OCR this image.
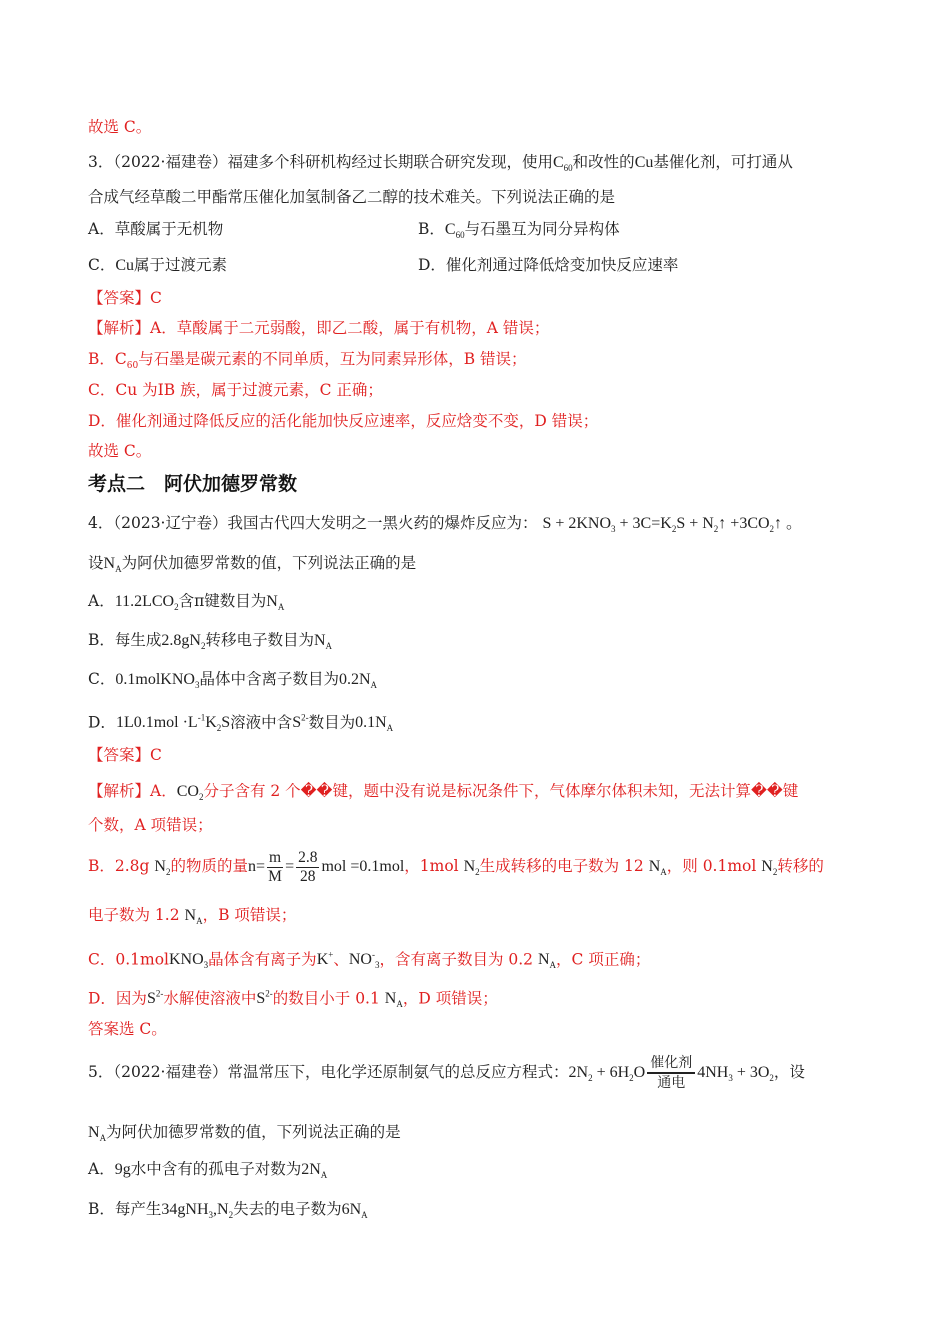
故选 C。
3．（2022·福建卷）福建多个科研机构经过长期联合研究发现，使用$C_{60}$和改性的Cu基催化剂，可打通从
合成气经草酸二甲酯常压催化加氢制备乙二醇的技术难关。下列说法正确的是
A．草酸属于无机物	B．$C_{60}$与石墨互为同分异构体
C．Cu属于过渡元素	D．催化剂通过降低焓变加快反应速率
【答案】C
【解析】A．草酸属于二元弱酸，即乙二酸，属于有机物，A 错误；
B．$C_{60}$与石墨是碳元素的不同单质，互为同素异形体，B 错误；
C．Cu 为ⅠB 族，属于过渡元素，C 正确；
D．催化剂通过降低反应的活化能加快反应速率，反应焓变不变，D 错误；
故选 C。
考点二　阿伏加德罗常数
4．（2023·辽宁卷）我国古代四大发明之一黑火药的爆炸反应为： $S + 2KNO_3 + 3C=K_2S$ + $N_2↑$ $+3CO_2↑$ 。
设$N_A$为阿伏加德罗常数的值，下列说法正确的是
A．$11.2LCO_2$含π键数目为$N_A$
B．每生成$2.8gN_2$转移电子数目为$N_A$
C．0.1molKNO$_3$晶体中含离子数目为$0.2N_A$
D．$1L0.1mol \cdot L^{-1}K_2S$溶液中含$S^{2-}$数目为$0.1N_A$
【答案】C
【解析】A．$CO_2$分子含有 2 个��键，题中没有说是标况条件下，气体摩尔体积未知，无法计算��键
个数，A 项错误；
B．2.8g $N_2$的物质的量$n= \frac{m}{M} = \frac{2.8}{28}$ mol =0.1mol，1mol $N_2$生成转移的电子数为 12 $N_A$，则 0.1mol $N_2$转移的
电子数为 1.2 $N_A$，B 项错误；
C．0.1molKNO$_3$晶体含有离子为K+、$NO^-_3$，含有离子数目为 0.2 $N_A$，C 项正确；
D．因为$S^{2-}$水解使溶液中$S^{2-}$的数目小于 0.1 $N_A$，D 项错误；
答案选 C。
5．（2022·福建卷）常温常压下，电化学还原制氨气的总反应方程式：$2N_2 + 6H_2O$
催化剂
通电
$4NH_3 + 3O_2$，设
$N_A$为阿伏加德罗常数的值，下列说法正确的是
A．9g水中含有的孤电子对数为$2N_A$
B．每产生$34gNH_3,N_2$失去的电子数为$6N_A$
